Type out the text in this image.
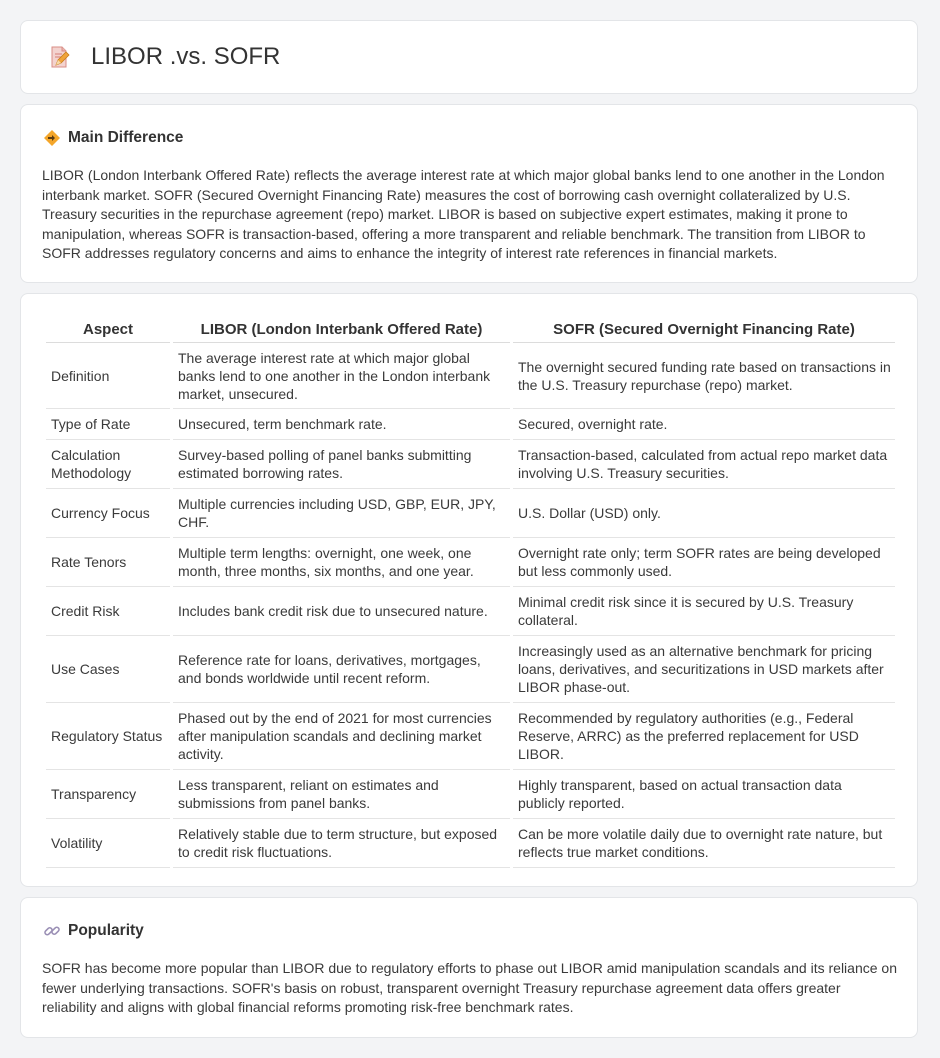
LIBOR .vs. SOFR
Main Difference

LIBOR (London Interbank Offered Rate) reflects the average interest rate at which major global banks lend to one another in the London interbank market. SOFR (Secured Overnight Financing Rate) measures the cost of borrowing cash overnight collateralized by U.S. Treasury securities in the repurchase agreement (repo) market. LIBOR is based on subjective expert estimates, making it prone to manipulation, whereas SOFR is transaction-based, offering a more transparent and reliable benchmark. The transition from LIBOR to SOFR addresses regulatory concerns and aims to enhance the integrity of interest rate references in financial markets.

Aspect	LIBOR (London Interbank Offered Rate)	SOFR (Secured Overnight Financing Rate)
Definition	The average interest rate at which major global banks lend to one another in the London interbank market, unsecured.	The overnight secured funding rate based on transactions in the U.S. Treasury repurchase (repo) market.
Type of Rate	Unsecured, term benchmark rate.	Secured, overnight rate.
Calculation Methodology	Survey-based polling of panel banks submitting estimated borrowing rates.	Transaction-based, calculated from actual repo market data involving U.S. Treasury securities.
Currency Focus	Multiple currencies including USD, GBP, EUR, JPY, CHF.	U.S. Dollar (USD) only.
Rate Tenors	Multiple term lengths: overnight, one week, one month, three months, six months, and one year.	Overnight rate only; term SOFR rates are being developed but less commonly used.
Credit Risk	Includes bank credit risk due to unsecured nature.	Minimal credit risk since it is secured by U.S. Treasury collateral.
Use Cases	Reference rate for loans, derivatives, mortgages, and bonds worldwide until recent reform.	Increasingly used as an alternative benchmark for pricing loans, derivatives, and securitizations in USD markets after LIBOR phase-out.
Regulatory Status	Phased out by the end of 2021 for most currencies after manipulation scandals and declining market activity.	Recommended by regulatory authorities (e.g., Federal Reserve, ARRC) as the preferred replacement for USD LIBOR.
Transparency	Less transparent, reliant on estimates and submissions from panel banks.	Highly transparent, based on actual transaction data publicly reported.
Volatility	Relatively stable due to term structure, but exposed to credit risk fluctuations.	Can be more volatile daily due to overnight rate nature, but reflects true market conditions.
Popularity

SOFR has become more popular than LIBOR due to regulatory efforts to phase out LIBOR amid manipulation scandals and its reliance on fewer underlying transactions. SOFR's basis on robust, transparent overnight Treasury repurchase agreement data offers greater reliability and aligns with global financial reforms promoting risk-free benchmark rates.
